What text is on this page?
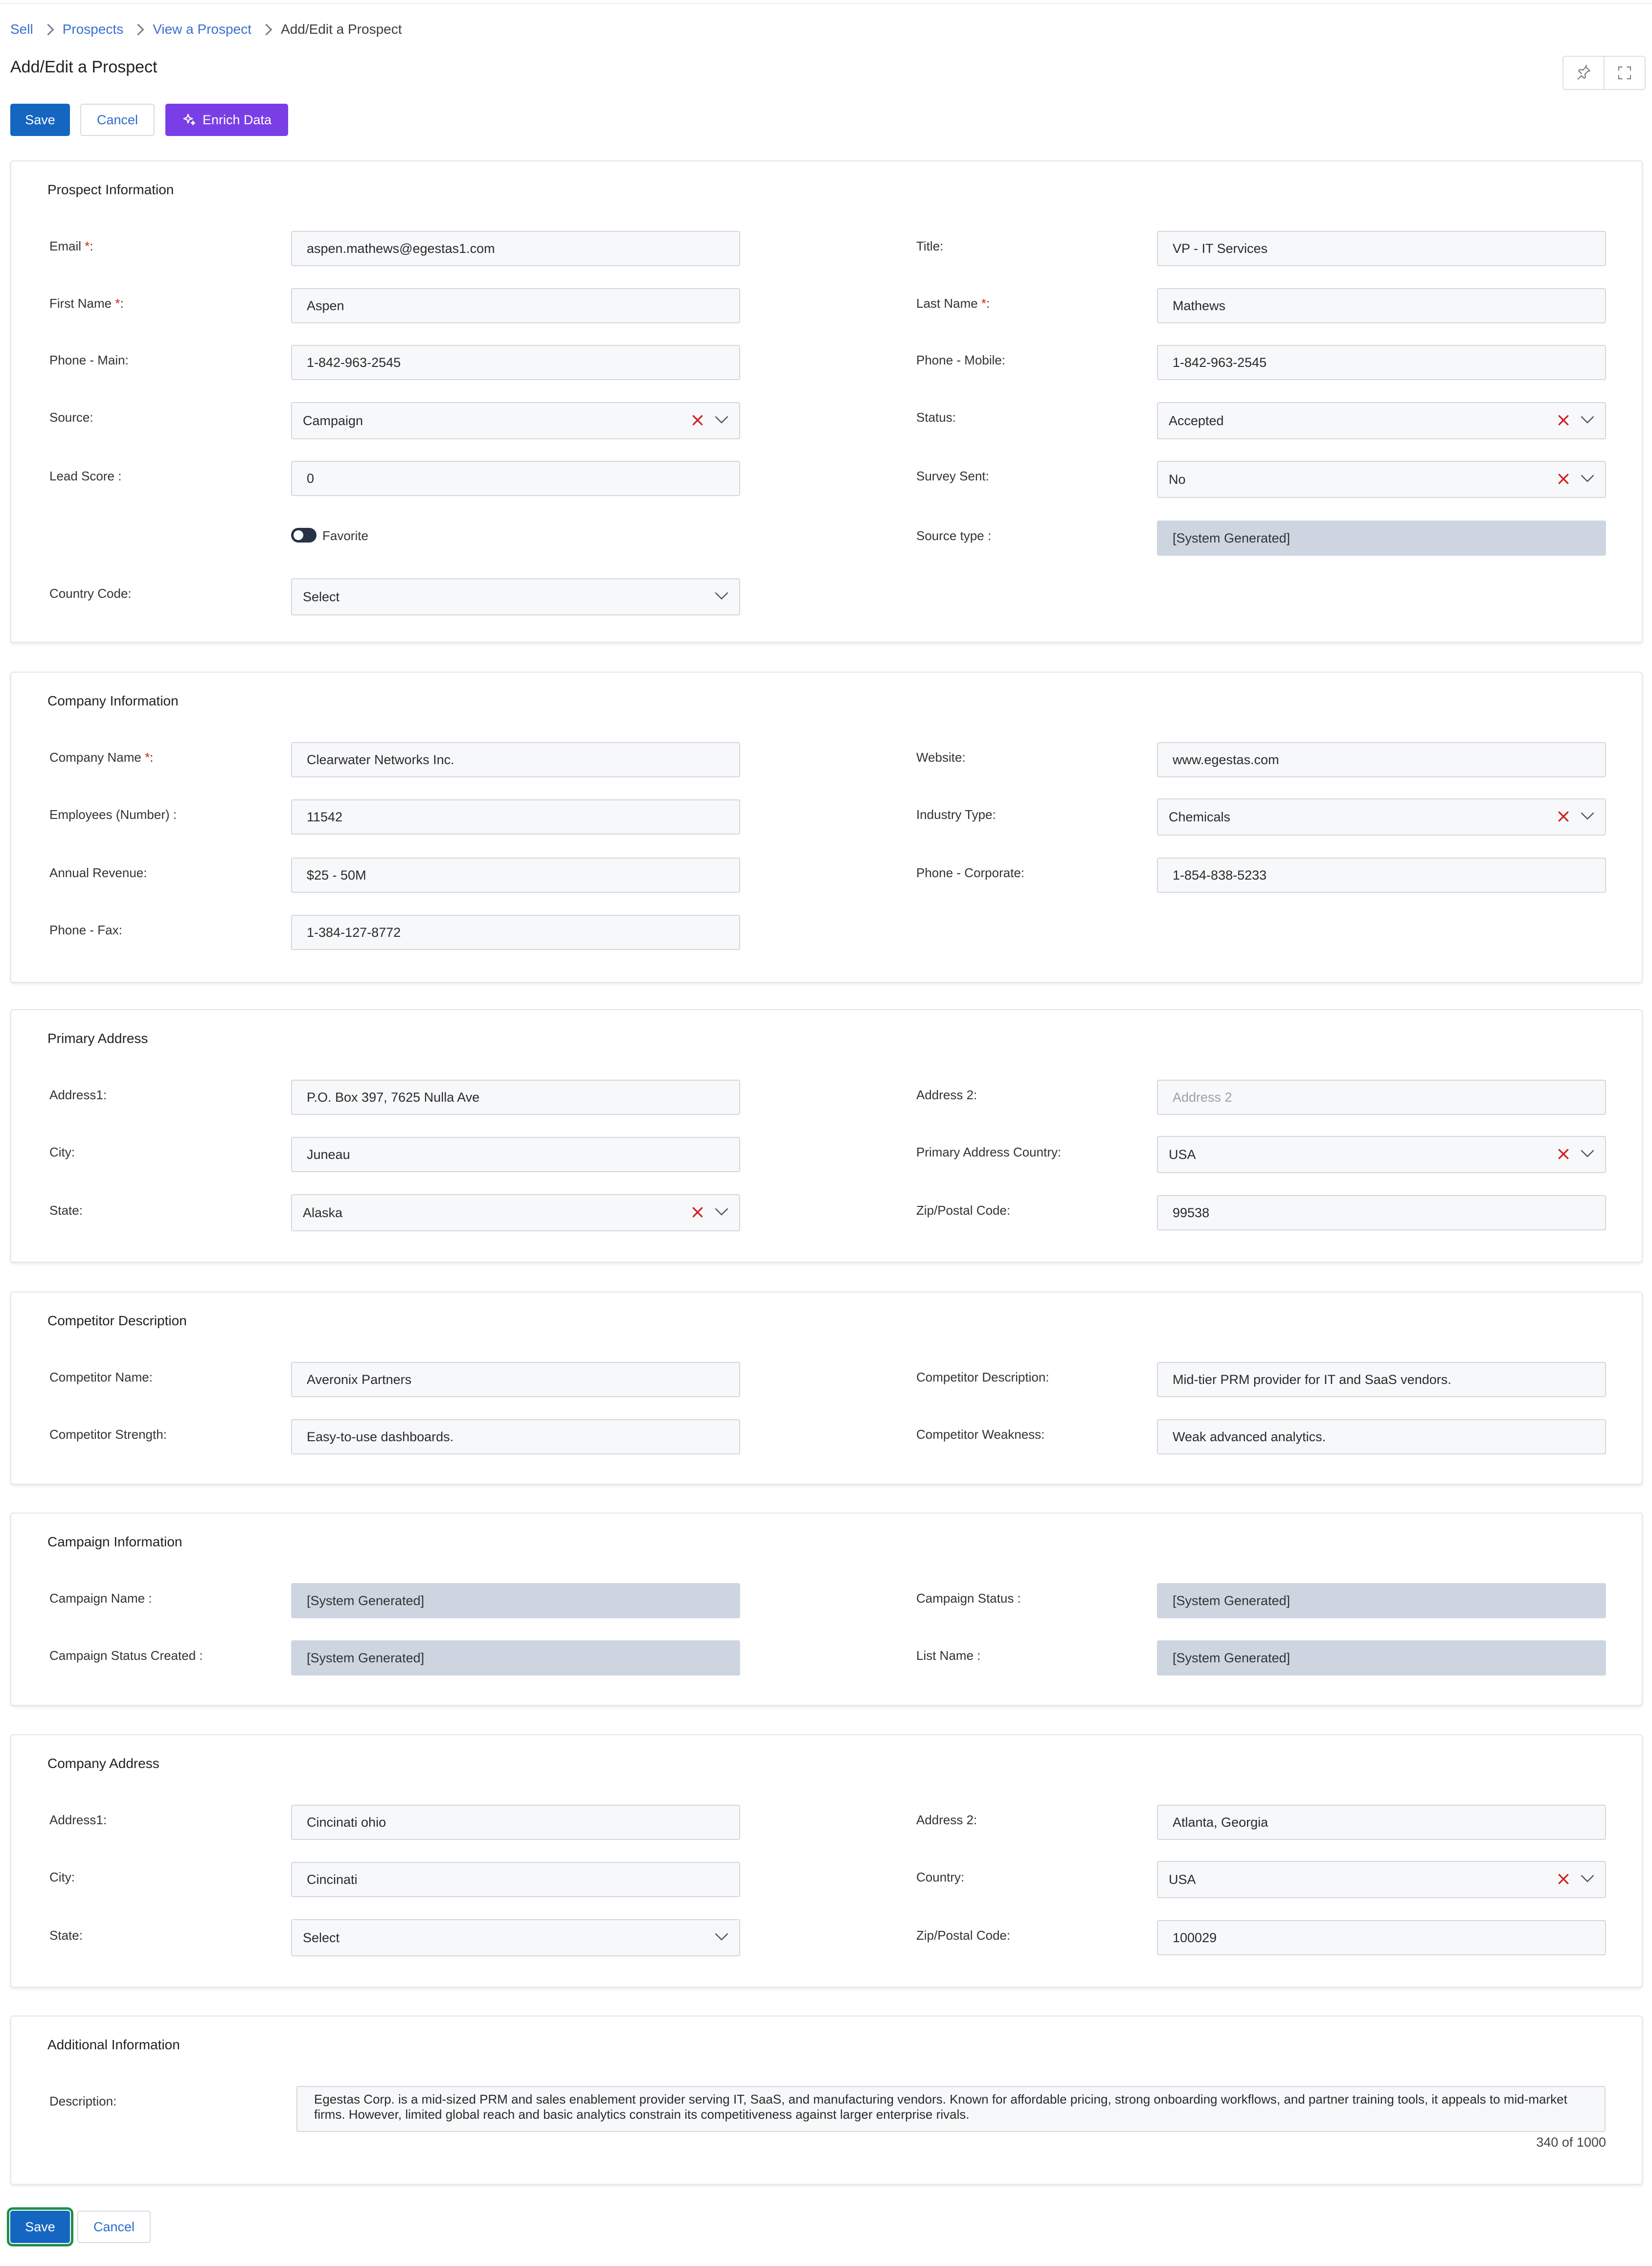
Sell Prospects View a Prospect Add/Edit a Prospect
Add/Edit a Prospect
Save	Cancel	Enrich Data
Prospect Information
Email *:	aspen.mathews@egestas1.com	Title:	VP - IT Services
First Name *:	Aspen	Last Name *:	Mathews
Phone - Main:	1-842-963-2545	Phone - Mobile:	1-842-963-2545
Source:	Campaign	Status:	Accepted
Lead Score :	0	Survey Sent:	No
Favorite	Source type :	[System Generated]
Country Code:	Select
Company Information
Company Name *:	Clearwater Networks Inc.	Website:	www.egestas.com
Employees (Number) :	11542	Industry Type:	Chemicals
Annual Revenue:	$25 - 50M	Phone - Corporate:	1-854-838-5233
Phone - Fax:	1-384-127-8772
Primary Address
Address1:	P.O. Box 397, 7625 Nulla Ave	Address 2:	Address 2
City:	Juneau	Primary Address Country:	USA
State:	Alaska	Zip/Postal Code:	99538
Competitor Description
Competitor Name:	Averonix Partners	Competitor Description:	Mid-tier PRM provider for IT and SaaS vendors.
Competitor Strength:	Easy-to-use dashboards.	Competitor Weakness:	Weak advanced analytics.
Campaign Information
Campaign Name :	[System Generated]	Campaign Status :	[System Generated]
Campaign Status Created :	[System Generated]	List Name :	[System Generated]
Company Address
Address1:	Cincinati ohio	Address 2:	Atlanta, Georgia
City:	Cincinati	Country:	USA
State:	Select	Zip/Postal Code:	100029
Additional Information
Description:	Egestas Corp. is a mid-sized PRM and sales enablement provider serving IT, SaaS, and manufacturing vendors. Known for affordable pricing, strong onboarding workflows, and partner training tools, it appeals to mid-market firms. However, limited global reach and basic analytics constrain its competitiveness against larger enterprise rivals.
340 of 1000
Save	Cancel
